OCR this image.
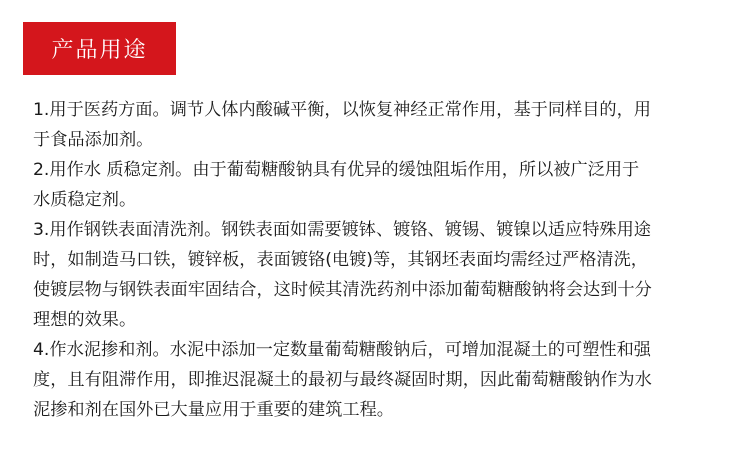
产品用途
1.用于医药方面。调节人体内酸碱平衡，以恢复神经正常作用，基于同样目的，用
于食品添加剂。
2.用作水 质稳定剂。由于葡萄糖酸钠具有优异的缓蚀阻垢作用，所以被广泛用于
水质稳定剂。
3.用作钢铁表面清洗剂。钢铁表面如需要镀钵、镀铬、镀锡、镀镍以适应特殊用途
时，如制造马口铁，镀锌板，表面镀铬(电镀)等，其钢坯表面均需经过严格清洗，
使镀层物与钢铁表面牢固结合，这时候其清洗药剂中添加葡萄糖酸钠将会达到十分
理想的效果。
4.作水泥掺和剂。水泥中添加一定数量葡萄糖酸钠后，可增加混凝土的可塑性和强
度，且有阻滞作用，即推迟混凝土的最初与最终凝固时期，因此葡萄糖酸钠作为水
泥掺和剂在国外已大量应用于重要的建筑工程。
